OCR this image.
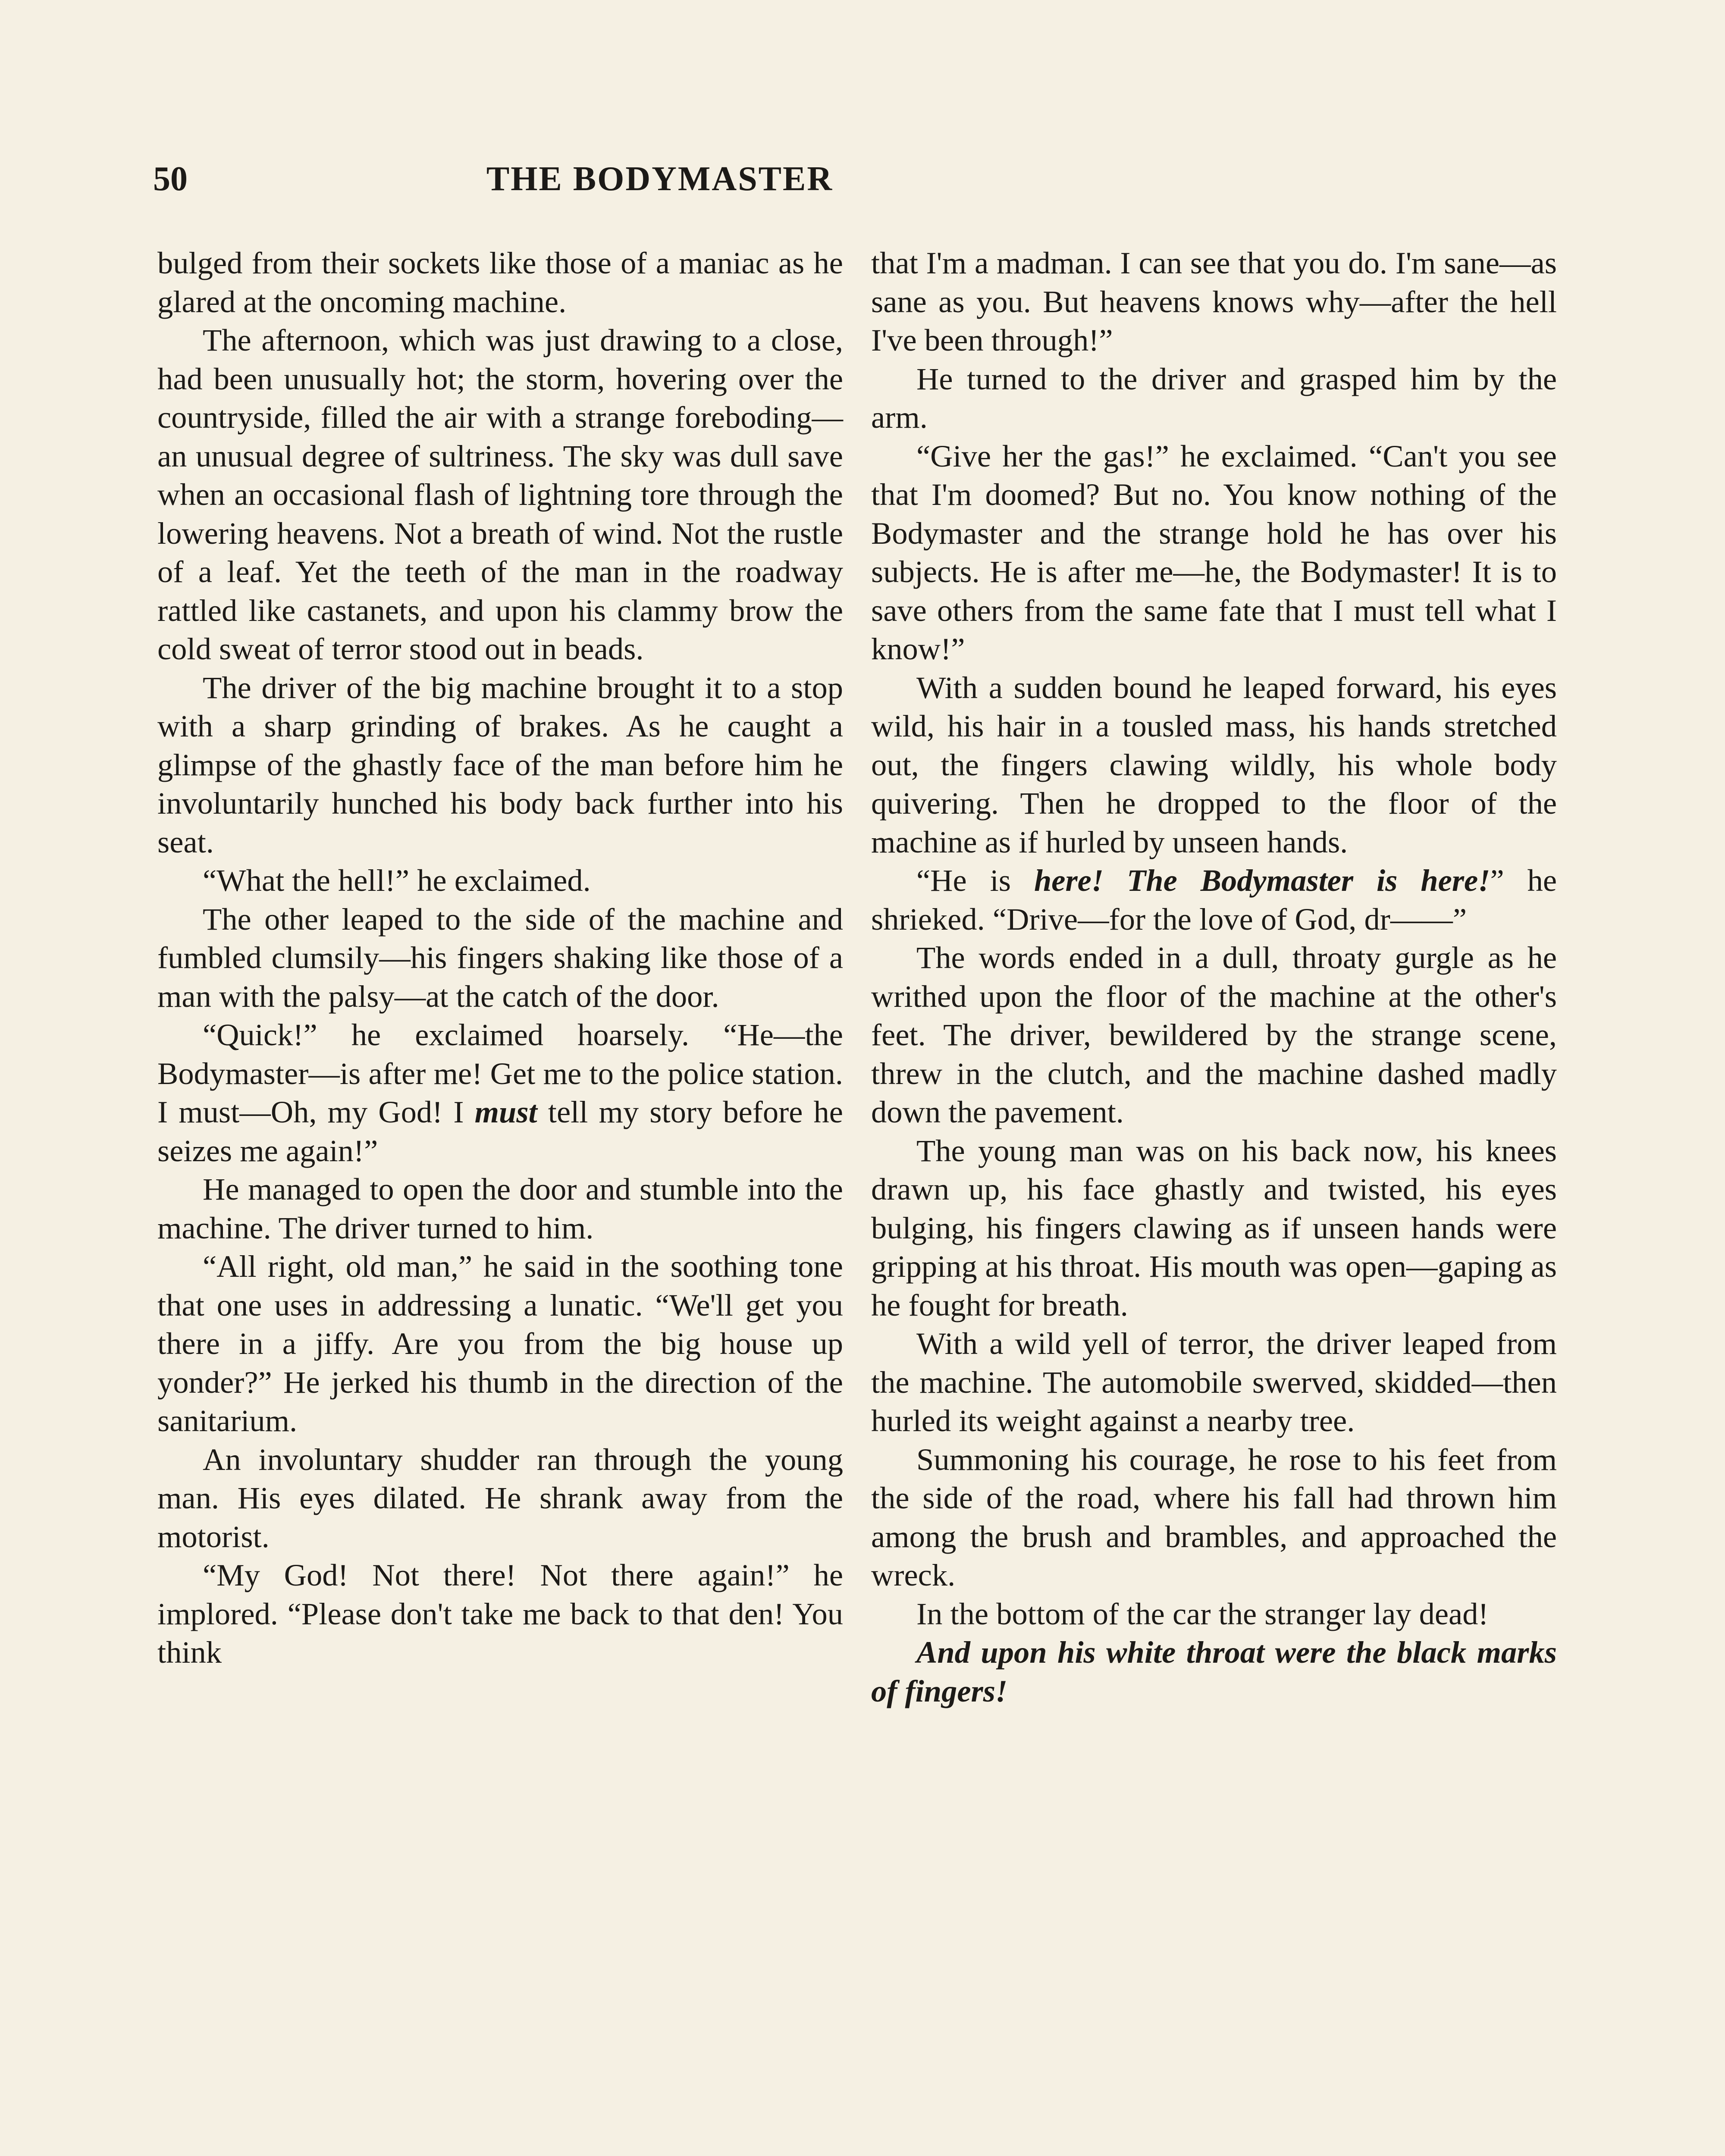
50	THE BODYMASTER

bulged from their sockets like those of a maniac as he glared at the oncoming machine.

The afternoon, which was just drawing to a close, had been unusually hot; the storm, hovering over the countryside, filled the air with a strange foreboding—an unusual degree of sultriness. The sky was dull save when an occasional flash of lightning tore through the lowering heavens. Not a breath of wind. Not the rustle of a leaf. Yet the teeth of the man in the roadway rattled like castanets, and upon his clammy brow the cold sweat of terror stood out in beads.

The driver of the big machine brought it to a stop with a sharp grinding of brakes. As he caught a glimpse of the ghastly face of the man before him he involuntarily hunched his body back further into his seat.

“What the hell!” he exclaimed.

The other leaped to the side of the machine and fumbled clumsily—his fingers shaking like those of a man with the palsy—at the catch of the door.

“Quick!” he exclaimed hoarsely. “He—the Bodymaster—is after me! Get me to the police station. I must—Oh, my God! I must tell my story before he seizes me again!”

He managed to open the door and stumble into the machine. The driver turned to him.

“All right, old man,” he said in the soothing tone that one uses in addressing a lunatic. “We'll get you there in a jiffy. Are you from the big house up yonder?” He jerked his thumb in the direction of the sanitarium.

An involuntary shudder ran through the young man. His eyes dilated. He shrank away from the motorist.

“My God! Not there! Not there again!” he implored. “Please don't take me back to that den! You think

that I'm a madman. I can see that you do. I'm sane—as sane as you. But heavens knows why—after the hell I've been through!”

He turned to the driver and grasped him by the arm.

“Give her the gas!” he exclaimed. “Can't you see that I'm doomed? But no. You know nothing of the Bodymaster and the strange hold he has over his subjects. He is after me—he, the Bodymaster! It is to save others from the same fate that I must tell what I know!”

With a sudden bound he leaped forward, his eyes wild, his hair in a tousled mass, his hands stretched out, the fingers clawing wildly, his whole body quivering. Then he dropped to the floor of the machine as if hurled by unseen hands.

“He is here! The Bodymaster is here!” he shrieked. “Drive—for the love of God, dr——”

The words ended in a dull, throaty gurgle as he writhed upon the floor of the machine at the other's feet. The driver, bewildered by the strange scene, threw in the clutch, and the machine dashed madly down the pavement.

The young man was on his back now, his knees drawn up, his face ghastly and twisted, his eyes bulging, his fingers clawing as if unseen hands were gripping at his throat. His mouth was open—gaping as he fought for breath.

With a wild yell of terror, the driver leaped from the machine. The automobile swerved, skidded—then hurled its weight against a nearby tree.

Summoning his courage, he rose to his feet from the side of the road, where his fall had thrown him among the brush and brambles, and approached the wreck.

In the bottom of the car the stranger lay dead!

And upon his white throat were the black marks of fingers!
